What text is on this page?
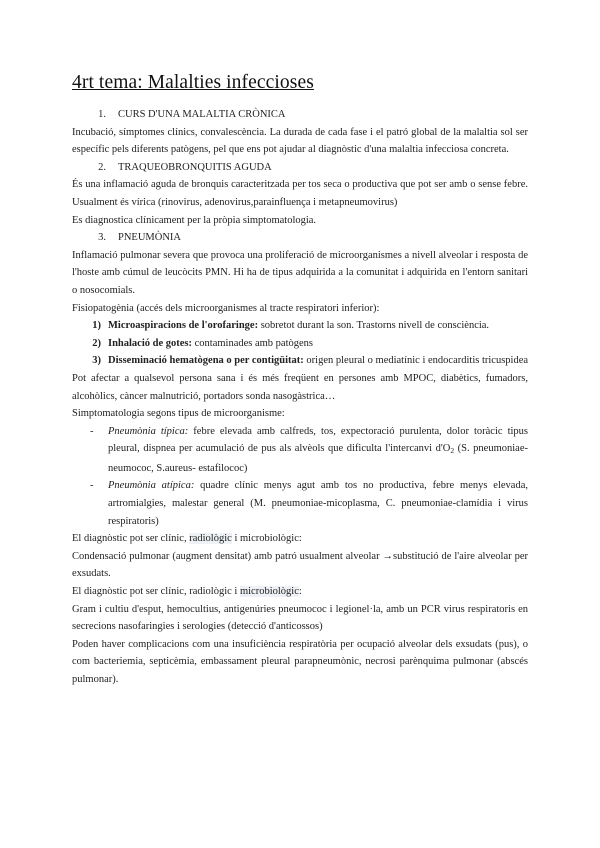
4rt tema: Malalties infeccioses
1.	CURS D'UNA MALALTIA CRÒNICA

Incubació, símptomes clínics, convalescència. La durada de cada fase i el patró global de la malaltia sol ser específic pels diferents patògens, pel que ens pot ajudar al diagnòstic d'una malaltia infecciosa concreta.

2.	TRAQUEOBRONQUITIS AGUDA

És una inflamació aguda de bronquis caracteritzada per tos seca o productiva que pot ser amb o sense febre. Usualment és vírica (rinovirus, adenovirus,parainfluença i metapneumovirus)

Es diagnostica clínicament per la pròpia simptomatologia.

3.	PNEUMÒNIA

Inflamació pulmonar severa que provoca una proliferació de microorganismes a nivell alveolar i resposta de l'hoste amb cúmul de leucòcits PMN. Hi ha de tipus adquirida a la comunitat i adquirida en l'entorn sanitari o nosocomials.

Fisiopatogènia (accés dels microorganismes al tracte respiratori inferior):

1) Microaspiracions de l'orofaringe: sobretot durant la son. Trastorns nivell de consciència.
2) Inhalació de gotes: contaminades amb patògens
3) Disseminació hematògena o per contigüitat: origen pleural o mediatínic i endocarditis tricuspidea

Pot afectar a qualsevol persona sana i és més freqüent en persones amb MPOC, diabètics, fumadors, alcohòlics, càncer malnutrició, portadors sonda nasogàstrica…

Simptomatologia segons tipus de microorganisme:

-	Pneumònia típica: febre elevada amb calfreds, tos, expectoració purulenta, dolor toràcic tipus pleural, dispnea per acumulació de pus als alvèols que dificulta l'intercanvi $d'O_2$ (S. pneumoniae- neumococ, S.aureus- estafilococ)
-	Pneumònia atípica: quadre clínic menys agut amb tos no productiva, febre menys elevada, artromialgies, malestar general (M. pneumoniae-micoplasma, C. pneumoniae-clamídia i virus respiratoris)

El diagnòstic pot ser clínic, radiològic i microbiològic:

Condensació pulmonar (augment densitat) amb patró usualment alveolar →substitució de l'aire alveolar per exsudats.

El diagnòstic pot ser clínic, radiològic i microbiològic:

Gram i cultiu d'esput, hemocultius, antigenúries pneumococ i legionel·la, amb un PCR virus respiratoris en secrecions nasofaringies i serologies (detecció d'anticossos)

Poden haver complicacions com una insuficiència respiratòria per ocupació alveolar dels exsudats (pus), o com bacteriemia, septicèmia, embassament pleural parapneumònic, necrosi parènquima pulmonar (abscés pulmonar).
